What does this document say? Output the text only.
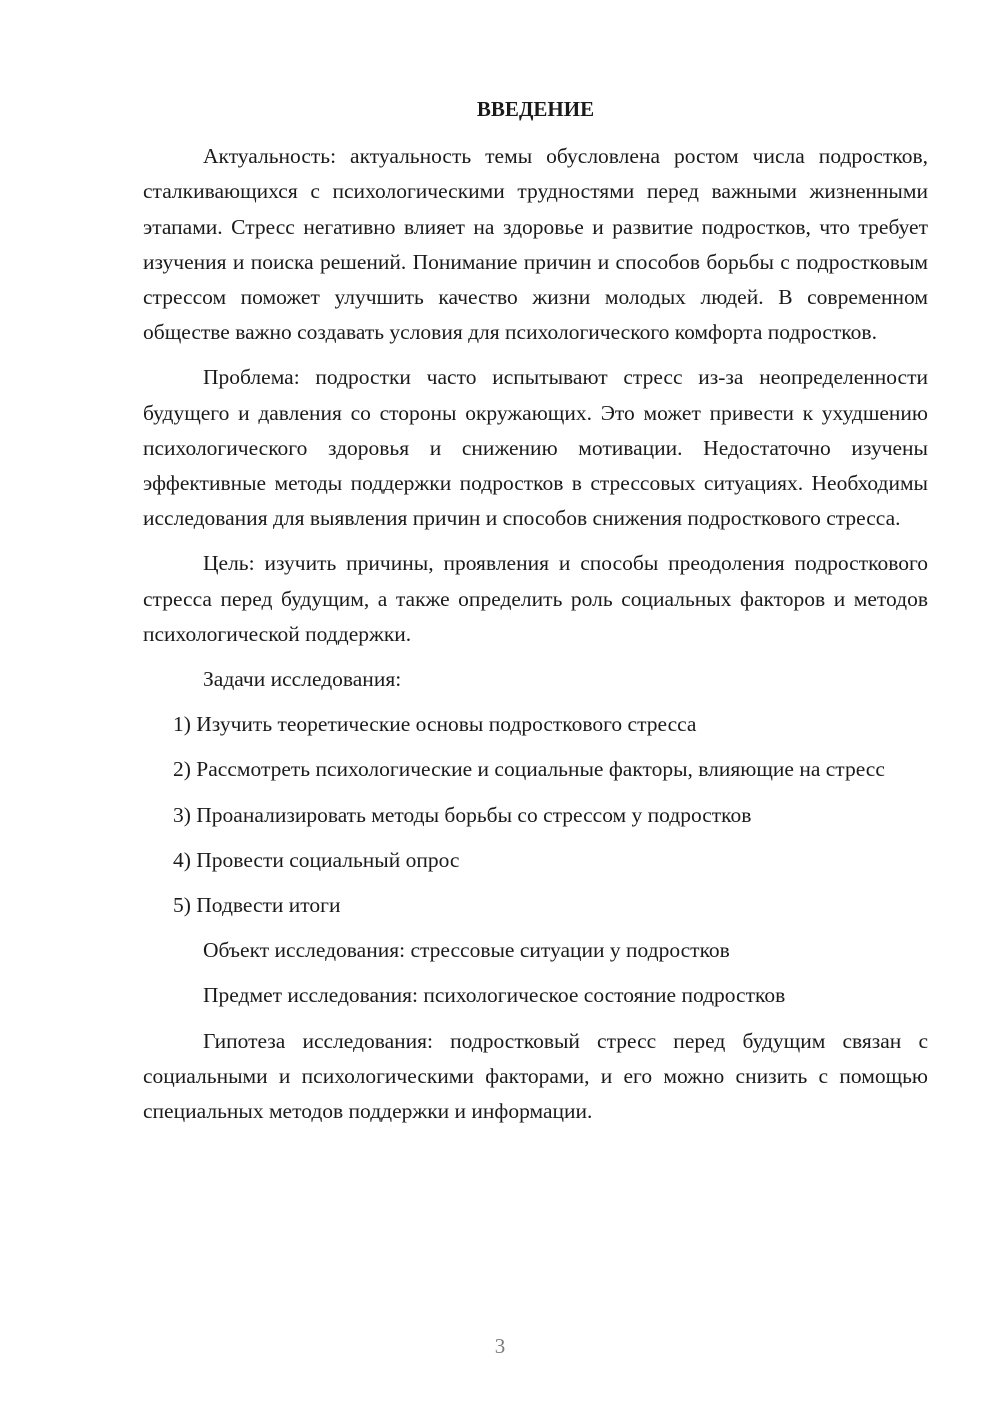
ВВЕДЕНИЕ

Актуальность: актуальность темы обусловлена ростом числа подростков, сталкивающихся с психологическими трудностями перед важными жизненными этапами. Стресс негативно влияет на здоровье и развитие подростков, что требует изучения и поиска решений. Понимание причин и способов борьбы с подростковым стрессом поможет улучшить качество жизни молодых людей. В современном обществе важно создавать условия для психологического комфорта подростков.

Проблема: подростки часто испытывают стресс из-за неопределенности будущего и давления со стороны окружающих. Это может привести к ухудшению психологического здоровья и снижению мотивации. Недостаточно изучены эффективные методы поддержки подростков в стрессовых ситуациях. Необходимы исследования для выявления причин и способов снижения подросткового стресса.

Цель: изучить причины, проявления и способы преодоления подросткового стресса перед будущим, а также определить роль социальных факторов и методов психологической поддержки.

Задачи исследования:

1) Изучить теоретические основы подросткового стресса

2) Рассмотреть психологические и социальные факторы, влияющие на стресс

3) Проанализировать методы борьбы со стрессом у подростков

4) Провести социальный опрос

5) Подвести итоги

Объект исследования: стрессовые ситуации у подростков

Предмет исследования: психологическое состояние подростков

Гипотеза исследования: подростковый стресс перед будущим связан с социальными и психологическими факторами, и его можно снизить с помощью специальных методов поддержки и информации.

3
